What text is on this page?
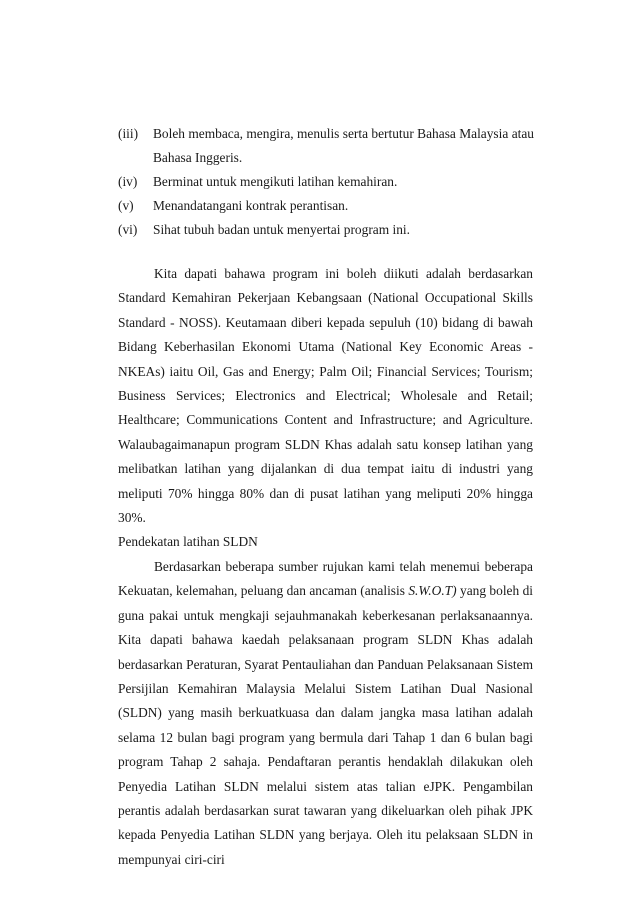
(iii)	Boleh membaca, mengira, menulis serta bertutur Bahasa Malaysia atau Bahasa Inggeris.
(iv)	Berminat untuk mengikuti latihan kemahiran.
(v)	Menandatangani kontrak perantisan.
(vi)	Sihat tubuh badan untuk menyertai program ini.

Kita dapati bahawa program ini boleh diikuti adalah berdasarkan Standard Kemahiran Pekerjaan Kebangsaan (National Occupational Skills Standard - NOSS). Keutamaan diberi kepada sepuluh (10) bidang di bawah Bidang Keberhasilan Ekonomi Utama (National Key Economic Areas - NKEAs) iaitu Oil, Gas and Energy; Palm Oil; Financial Services; Tourism; Business Services; Electronics and Electrical; Wholesale and Retail; Healthcare; Communications Content and Infrastructure; and Agriculture. Walaubagaimanapun program SLDN Khas adalah satu konsep latihan yang melibatkan latihan yang dijalankan di dua tempat iaitu di industri yang meliputi 70% hingga 80% dan di pusat latihan yang meliputi 20% hingga 30%.

Pendekatan latihan SLDN

Berdasarkan beberapa sumber rujukan kami telah menemui beberapa Kekuatan, kelemahan, peluang dan ancaman (analisis S.W.O.T) yang boleh di guna pakai untuk mengkaji sejauhmanakah keberkesanan perlaksanaannya. Kita dapati bahawa kaedah pelaksanaan program SLDN Khas adalah berdasarkan Peraturan, Syarat Pentauliahan dan Panduan Pelaksanaan Sistem Persijilan Kemahiran Malaysia Melalui Sistem Latihan Dual Nasional (SLDN) yang masih berkuatkuasa dan dalam jangka masa latihan adalah selama 12 bulan bagi program yang bermula dari Tahap 1 dan 6 bulan bagi program Tahap 2 sahaja. Pendaftaran perantis hendaklah dilakukan oleh Penyedia Latihan SLDN melalui sistem atas talian eJPK. Pengambilan perantis adalah berdasarkan surat tawaran yang dikeluarkan oleh pihak JPK kepada Penyedia Latihan SLDN yang berjaya. Oleh itu pelaksaan SLDN in mempunyai ciri-ciri
